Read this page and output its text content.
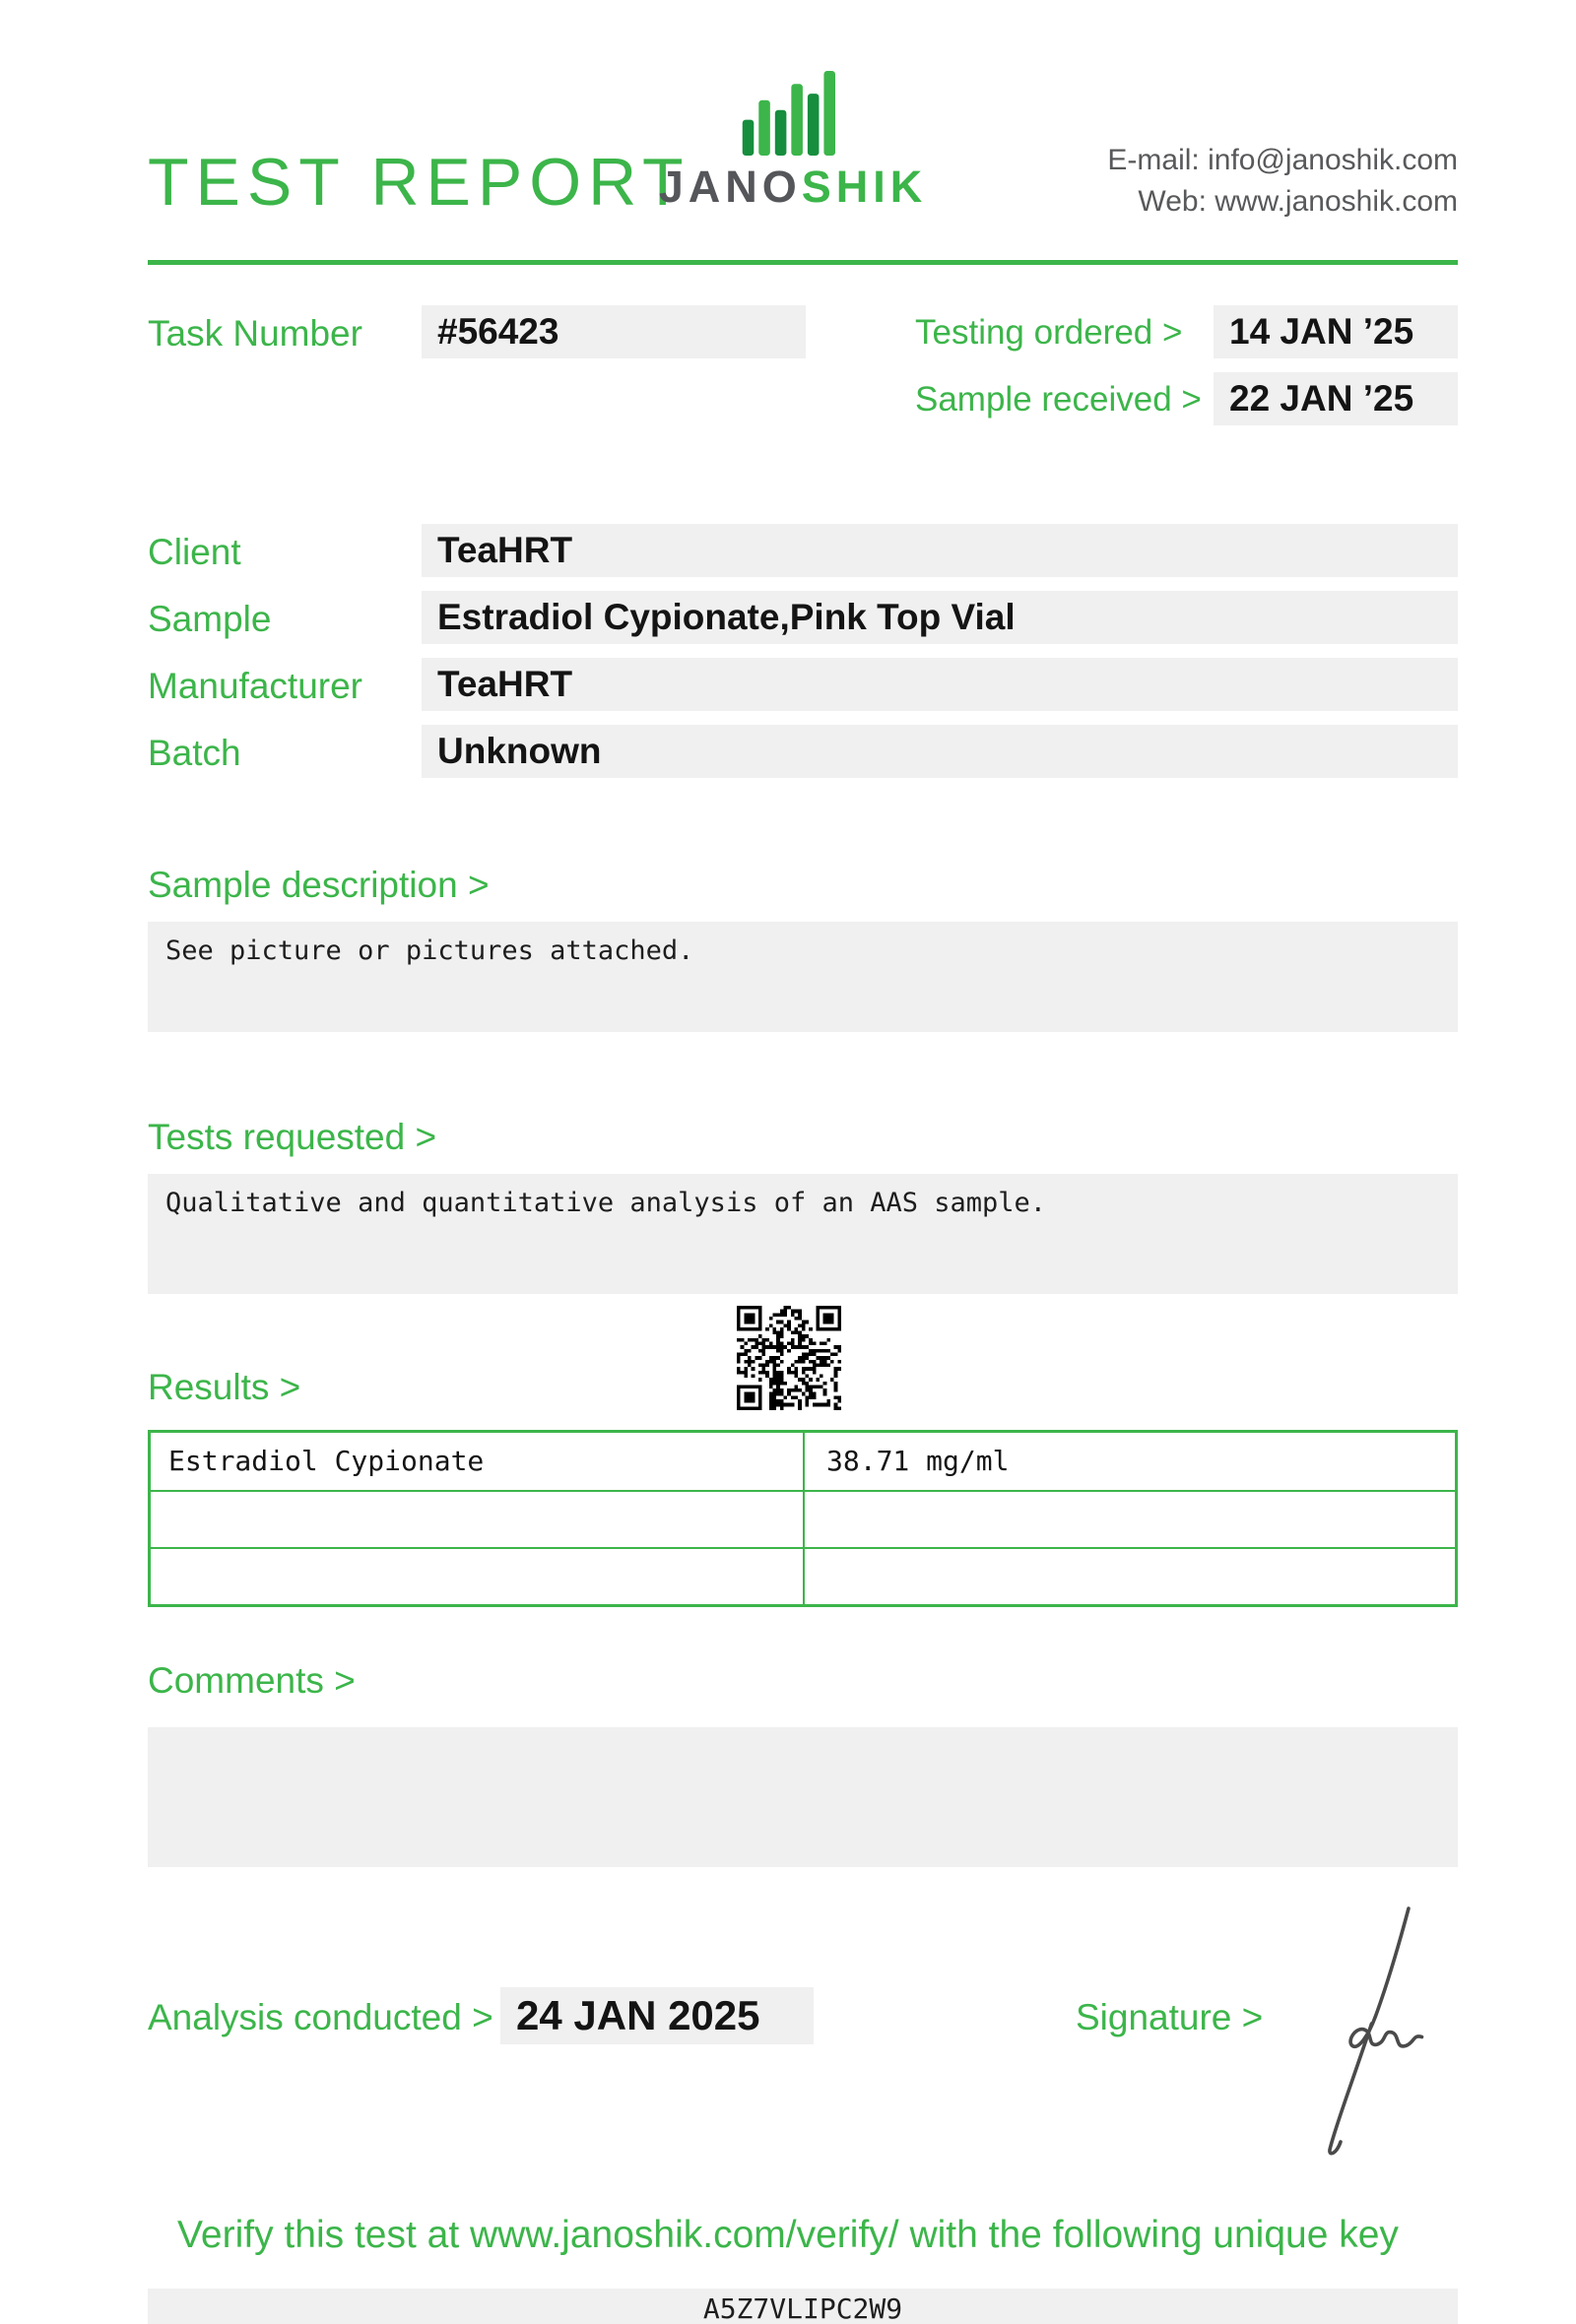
TEST REPORT
JANOSHIK
E-mail: info@janoshik.com
Web: www.janoshik.com
Task Number	#56423	Testing ordered >	14 JAN ’25
Sample received > 22 JAN ’25
Client	TeaHRT
Sample	Estradiol Cypionate,Pink Top Vial
Manufacturer	TeaHRT
Batch	Unknown
Sample description >
See picture or pictures attached.
Tests requested >
Qualitative and quantitative analysis of an AAS sample.
Results >
Estradiol Cypionate	38.71 mg/ml
Comments >
Analysis conducted > 24 JAN 2025	Signature >
Verify this test at www.janoshik.com/verify/ with the following unique key
A5Z7VLIPC2W9
